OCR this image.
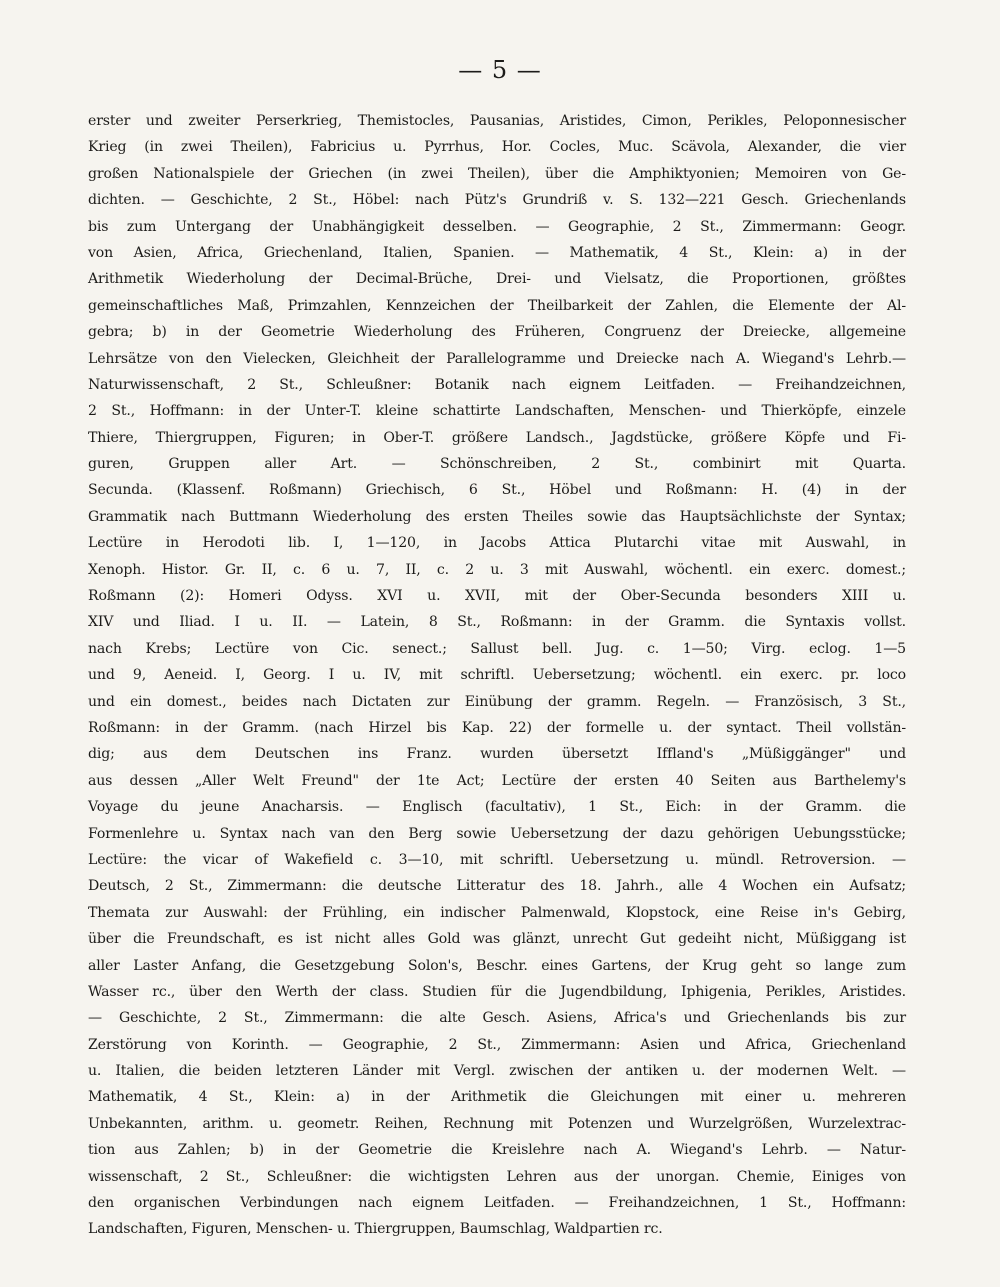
— 5 —
erster und zweiter Perserkrieg, Themistocles, Pausanias, Aristides, Cimon, Perikles, Peloponnesischer
Krieg (in zwei Theilen), Fabricius u. Pyrrhus, Hor. Cocles, Muc. Scävola, Alexander, die vier
großen Nationalspiele der Griechen (in zwei Theilen), über die Amphiktyonien; Memoiren von Ge-
dichten. — Geschichte, 2 St., Höbel: nach Pütz's Grundriß v. S. 132—221 Gesch. Griechenlands
bis zum Untergang der Unabhängigkeit desselben. — Geographie, 2 St., Zimmermann: Geogr.
von Asien, Africa, Griechenland, Italien, Spanien. — Mathematik, 4 St., Klein: a) in der
Arithmetik Wiederholung der Decimal-Brüche, Drei- und Vielsatz, die Proportionen, größtes
gemeinschaftliches Maß, Primzahlen, Kennzeichen der Theilbarkeit der Zahlen, die Elemente der Al-
gebra; b) in der Geometrie Wiederholung des Früheren, Congruenz der Dreiecke, allgemeine
Lehrsätze von den Vielecken, Gleichheit der Parallelogramme und Dreiecke nach A. Wiegand's Lehrb.—
Naturwissenschaft, 2 St., Schleußner: Botanik nach eignem Leitfaden. — Freihandzeichnen,
2 St., Hoffmann: in der Unter-T. kleine schattirte Landschaften, Menschen- und Thierköpfe, einzele
Thiere, Thiergruppen, Figuren; in Ober-T. größere Landsch., Jagdstücke, größere Köpfe und Fi-
guren, Gruppen aller Art. — Schönschreiben, 2 St., combinirt mit Quarta.
Secunda. (Klassenf. Roßmann) Griechisch, 6 St., Höbel und Roßmann: H. (4) in der
Grammatik nach Buttmann Wiederholung des ersten Theiles sowie das Hauptsächlichste der Syntax;
Lectüre in Herodoti lib. I, 1—120, in Jacobs Attica Plutarchi vitae mit Auswahl, in
Xenoph. Histor. Gr. II, c. 6 u. 7, II, c. 2 u. 3 mit Auswahl, wöchentl. ein exerc. domest.;
Roßmann (2): Homeri Odyss. XVI u. XVII, mit der Ober-Secunda besonders XIII u.
XIV und Iliad. I u. II. — Latein, 8 St., Roßmann: in der Gramm. die Syntaxis vollst.
nach Krebs; Lectüre von Cic. senect.; Sallust bell. Jug. c. 1—50; Virg. eclog. 1—5
und 9, Aeneid. I, Georg. I u. IV, mit schriftl. Uebersetzung; wöchentl. ein exerc. pr. loco
und ein domest., beides nach Dictaten zur Einübung der gramm. Regeln. — Französisch, 3 St.,
Roßmann: in der Gramm. (nach Hirzel bis Kap. 22) der formelle u. der syntact. Theil vollstän-
dig; aus dem Deutschen ins Franz. wurden übersetzt Iffland's „Müßiggänger" und
aus dessen „Aller Welt Freund" der 1te Act; Lectüre der ersten 40 Seiten aus Barthelemy's
Voyage du jeune Anacharsis. — Englisch (facultativ), 1 St., Eich: in der Gramm. die
Formenlehre u. Syntax nach van den Berg sowie Uebersetzung der dazu gehörigen Uebungsstücke;
Lectüre: the vicar of Wakefield c. 3—10, mit schriftl. Uebersetzung u. mündl. Retroversion. —
Deutsch, 2 St., Zimmermann: die deutsche Litteratur des 18. Jahrh., alle 4 Wochen ein Aufsatz;
Themata zur Auswahl: der Frühling, ein indischer Palmenwald, Klopstock, eine Reise in's Gebirg,
über die Freundschaft, es ist nicht alles Gold was glänzt, unrecht Gut gedeiht nicht, Müßiggang ist
aller Laster Anfang, die Gesetzgebung Solon's, Beschr. eines Gartens, der Krug geht so lange zum
Wasser rc., über den Werth der class. Studien für die Jugendbildung, Iphigenia, Perikles, Aristides.
— Geschichte, 2 St., Zimmermann: die alte Gesch. Asiens, Africa's und Griechenlands bis zur
Zerstörung von Korinth. — Geographie, 2 St., Zimmermann: Asien und Africa, Griechenland
u. Italien, die beiden letzteren Länder mit Vergl. zwischen der antiken u. der modernen Welt. —
Mathematik, 4 St., Klein: a) in der Arithmetik die Gleichungen mit einer u. mehreren
Unbekannten, arithm. u. geometr. Reihen, Rechnung mit Potenzen und Wurzelgrößen, Wurzelextrac-
tion aus Zahlen; b) in der Geometrie die Kreislehre nach A. Wiegand's Lehrb. — Natur-
wissenschaft, 2 St., Schleußner: die wichtigsten Lehren aus der unorgan. Chemie, Einiges von
den organischen Verbindungen nach eignem Leitfaden. — Freihandzeichnen, 1 St., Hoffmann:
Landschaften, Figuren, Menschen- u. Thiergruppen, Baumschlag, Waldpartien rc.
